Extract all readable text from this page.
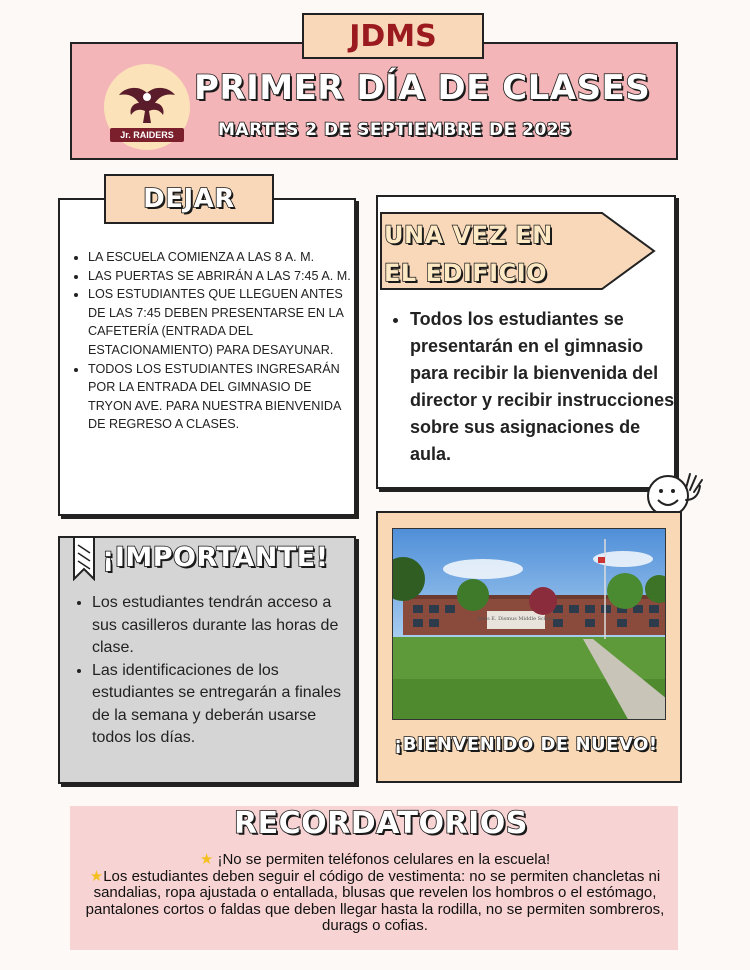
Jr. RAIDERS
PRIMER DÍA DE CLASES
MARTES 2 DE SEPTIEMBRE DE 2025
JDMS
• LA ESCUELA COMIENZA A LAS 8 A. M.
• LAS PUERTAS SE ABRIRÁN A LAS 7:45 A. M.
• LOS ESTUDIANTES QUE LLEGUEN ANTES DE LAS 7:45 DEBEN PRESENTARSE EN LA CAFETERÍA (ENTRADA DEL ESTACIONAMIENTO) PARA DESAYUNAR.
• TODOS LOS ESTUDIANTES INGRESARÁN POR LA ENTRADA DEL GIMNASIO DE TRYON AVE. PARA NUESTRA BIENVENIDA DE REGRESO A CLASES.
DEJAR
UNA VEZ EN
EL EDIFICIO
• Todos los estudiantes se presentarán en el gimnasio para recibir la bienvenida del director y recibir instrucciones sobre sus asignaciones de aula.
¡IMPORTANTE!
• Los estudiantes tendrán acceso a sus casilleros durante las horas de clase.
• Las identificaciones de los estudiantes se entregarán a finales de la semana y deberán usarse todos los días.
Janis E. Dismus Middle School
¡BIENVENIDO DE NUEVO!
RECORDATORIOS
★ ¡No se permiten teléfonos celulares en la escuela!
★Los estudiantes deben seguir el código de vestimenta: no se permiten chancletas ni sandalias, ropa ajustada o entallada, blusas que revelen los hombros o el estómago, pantalones cortos o faldas que deben llegar hasta la rodilla, no se permiten sombreros, durags o cofias.
